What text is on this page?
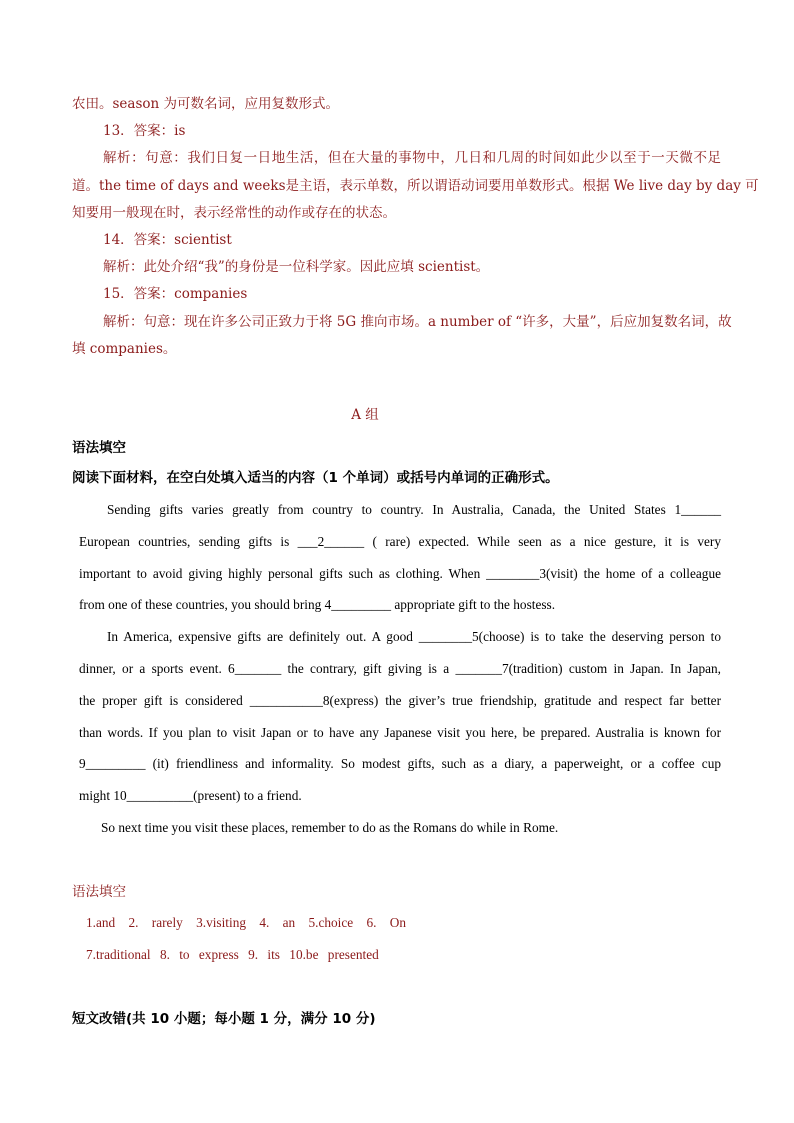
农田。season 为可数名词，应用复数形式。
13．答案：is
解析：句意：我们日复一日地生活，但在大量的事物中，几日和几周的时间如此少以至于一天微不足
道。the time of days and weeks是主语，表示单数，所以谓语动词要用单数形式。根据 We live day by day 可
知要用一般现在时，表示经常性的动作或存在的状态。
14．答案：scientist
解析：此处介绍“我”的身份是一位科学家。因此应填 scientist。
15．答案：companies
解析：句意：现在许多公司正致力于将 5G 推向市场。a number of “许多，大量”，后应加复数名词，故
填 companies。
A 组
语法填空
阅读下面材料，在空白处填入适当的内容（1 个单词）或括号内单词的正确形式。
Sending gifts varies greatly from country to country. In Australia, Canada, the United States 1______
European countries, sending gifts is ___2______ ( rare) expected. While seen as a nice gesture, it is very
important to avoid giving highly personal gifts such as clothing. When ________3(visit) the home of a colleague
from one of these countries, you should bring 4_________ appropriate gift to the hostess.
In America, expensive gifts are definitely out. A good ________5(choose) is to take the deserving person to
dinner, or a sports event. 6_______ the contrary, gift giving is a _______7(tradition) custom in Japan. In Japan,
the proper gift is considered ___________8(express) the giver’s true friendship, gratitude and respect far better
than words. If you plan to visit Japan or to have any Japanese visit you here, be prepared. Australia is known for
9_________ (it) friendliness and informality. So modest gifts, such as a diary, a paperweight, or a coffee cup
might 10__________(present) to a friend.
So next time you visit these places, remember to do as the Romans do while in Rome.
语法填空
1.and 2. rarely 3.visiting 4. an 5.choice 6. On
7.traditional 8. to express 9. its 10.be presented
短文改错(共 10 小题；每小题 1 分，满分 10 分)
